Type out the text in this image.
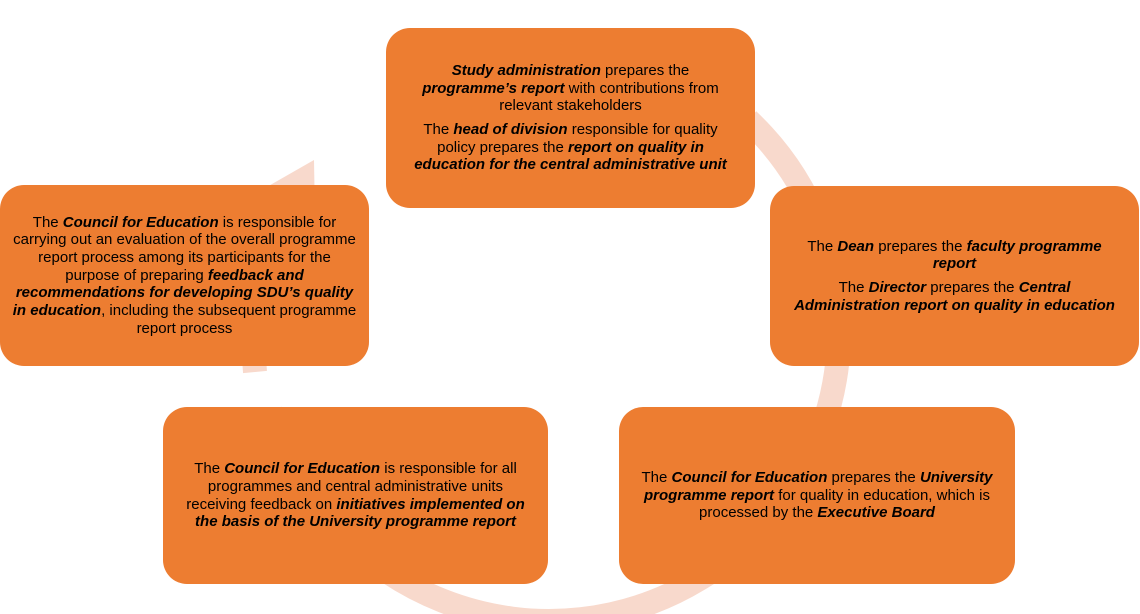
Study administration prepares the programme’s report with contributions from relevant stakeholders

The head of division responsible for quality policy prepares the report on quality in education for the central administrative unit

The Dean prepares the faculty programme report

The Director prepares the Central Administration report on quality in education

The Council for Education prepares the University programme report for quality in education, which is processed by the Executive Board

The Council for Education is responsible for all programmes and central administrative units receiving feedback on initiatives implemented on the basis of the University programme report

The Council for Education is responsible for carrying out an evaluation of the overall programme report process among its participants for the purpose of preparing feedback and recommendations for developing SDU’s quality in education, including the subsequent programme report process
